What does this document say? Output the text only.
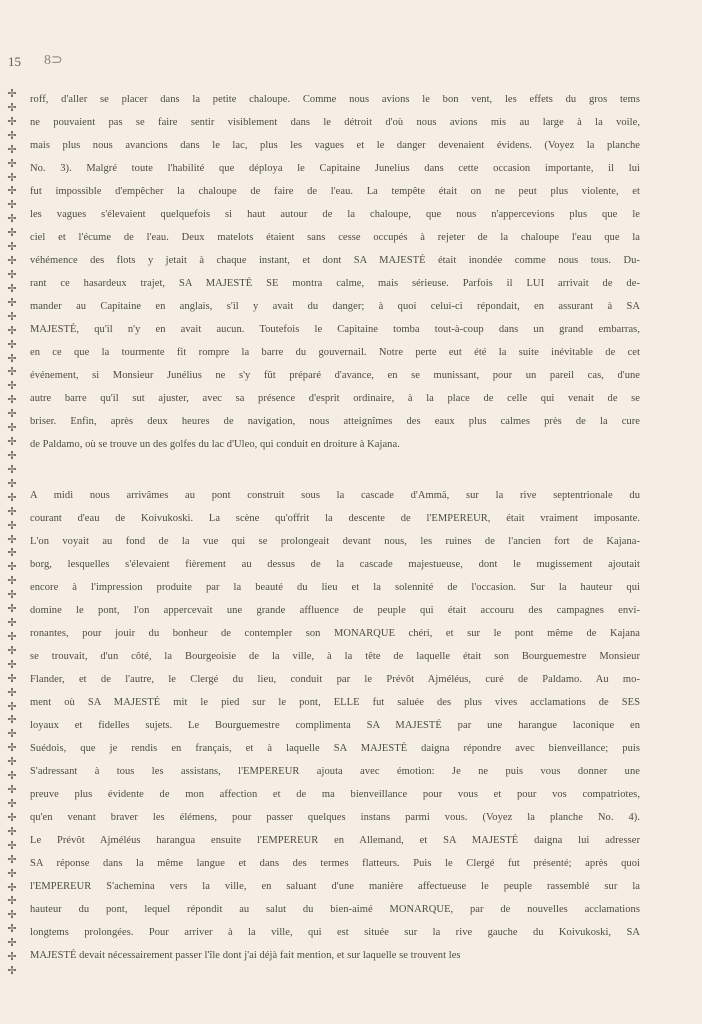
15 8⊃
✢
✢
✢
✢
✢
✢
✢
✢
✢
✢
✢
✢
✢
✢
✢
✢
✢
✢
✢
✢
✢
✢
✢
✢
✢
✢
✢
✢
✢
✢
✢
✢
✢
✢
✢
✢
✢
✢
✢
✢
✢
✢
✢
✢
✢
✢
✢
✢
✢
✢
✢
✢
✢
✢
✢
✢
✢
✢
✢
✢
✢
✢
✢
✢

roff, d'aller se placer dans la petite chaloupe. Comme nous avions le bon vent, les effets du gros tems

ne pouvaient pas se faire sentir visiblement dans le détroit d'où nous avions mis au large à la voile,

mais plus nous avancions dans le lac, plus les vagues et le danger devenaient évidens. (Voyez la planche

No. 3). Malgré toute l'habilité que déploya le Capitaine Junelius dans cette occasion importante, il lui

fut impossible d'empêcher la chaloupe de faire de l'eau. La tempête était on ne peut plus violente, et

les vagues s'élevaient quelquefois si haut autour de la chaloupe, que nous n'appercevions plus que le

ciel et l'écume de l'eau. Deux matelots étaient sans cesse occupés à rejeter de la chaloupe l'eau que la

véhémence des flots y jetait à chaque instant, et dont SA MAJESTÉ était inondée comme nous tous. Du-

rant ce hasardeux trajet, SA MAJESTÉ SE montra calme, mais sérieuse. Parfois il LUI arrivait de de-

mander au Capitaine en anglais, s'il y avait du danger; à quoi celui-ci répondait, en assurant à SA

MAJESTÉ, qu'il n'y en avait aucun. Toutefois le Capitaine tomba tout-à-coup dans un grand embarras,

en ce que la tourmente fit rompre la barre du gouvernail. Notre perte eut été la suite inévitable de cet

événement, si Monsieur Junélius ne s'y fût préparé d'avance, en se munissant, pour un pareil cas, d'une

autre barre qu'il sut ajuster, avec sa présence d'esprit ordinaire, à la place de celle qui venait de se

briser. Enfin, après deux heures de navigation, nous atteignîmes des eaux plus calmes près de la cure

de Paldamo, où se trouve un des golfes du lac d'Uleo, qui conduit en droiture à Kajana.

A midi nous arrivâmes au pont construit sous la cascade d'Ammä, sur la rive septentrionale du

courant d'eau de Koivukoski. La scène qu'offrit la descente de l'EMPEREUR, était vraiment imposante.

L'on voyait au fond de la vue qui se prolongeait devant nous, les ruines de l'ancien fort de Kajana-

borg, lesquelles s'élevaient fièrement au dessus de la cascade majestueuse, dont le mugissement ajoutait

encore à l'impression produite par la beauté du lieu et la solennité de l'occasion. Sur la hauteur qui

domine le pont, l'on appercevait une grande affluence de peuple qui était accouru des campagnes envi-

ronantes, pour jouir du bonheur de contempler son MONARQUE chéri, et sur le pont même de Kajana

se trouvait, d'un côté, la Bourgeoisie de la ville, à la tête de laquelle était son Bourguemestre Monsieur

Flander, et de l'autre, le Clergé du lieu, conduit par le Prévôt Ajméléus, curé de Paldamo. Au mo-

ment où SA MAJESTÉ mit le pied sur le pont, ELLE fut saluée des plus vives acclamations de SES

loyaux et fidelles sujets. Le Bourguemestre complimenta SA MAJESTÉ par une harangue laconique en

Suédois, que je rendis en français, et à laquelle SA MAJESTÉ daigna répondre avec bienveillance; puis

S'adressant à tous les assistans, l'EMPEREUR ajouta avec émotion: Je ne puis vous donner une

preuve plus évidente de mon affection et de ma bienveillance pour vous et pour vos compatriotes,

qu'en venant braver les élémens, pour passer quelques instans parmi vous. (Voyez la planche No. 4).

Le Prévôt Ajméléus harangua ensuite l'EMPEREUR en Allemand, et SA MAJESTÉ daigna lui adresser

SA réponse dans la même langue et dans des termes flatteurs. Puis le Clergé fut présenté; après quoi

l'EMPEREUR S'achemina vers la ville, en saluant d'une manière affectueuse le peuple rassemblé sur la

hauteur du pont, lequel répondit au salut du bien-aimé MONARQUE, par de nouvelles acclamations

longtems prolongées. Pour arriver à la ville, qui est située sur la rive gauche du Koivukoski, SA

MAJESTÉ devait nécessairement passer l'île dont j'ai déjà fait mention, et sur laquelle se trouvent les
